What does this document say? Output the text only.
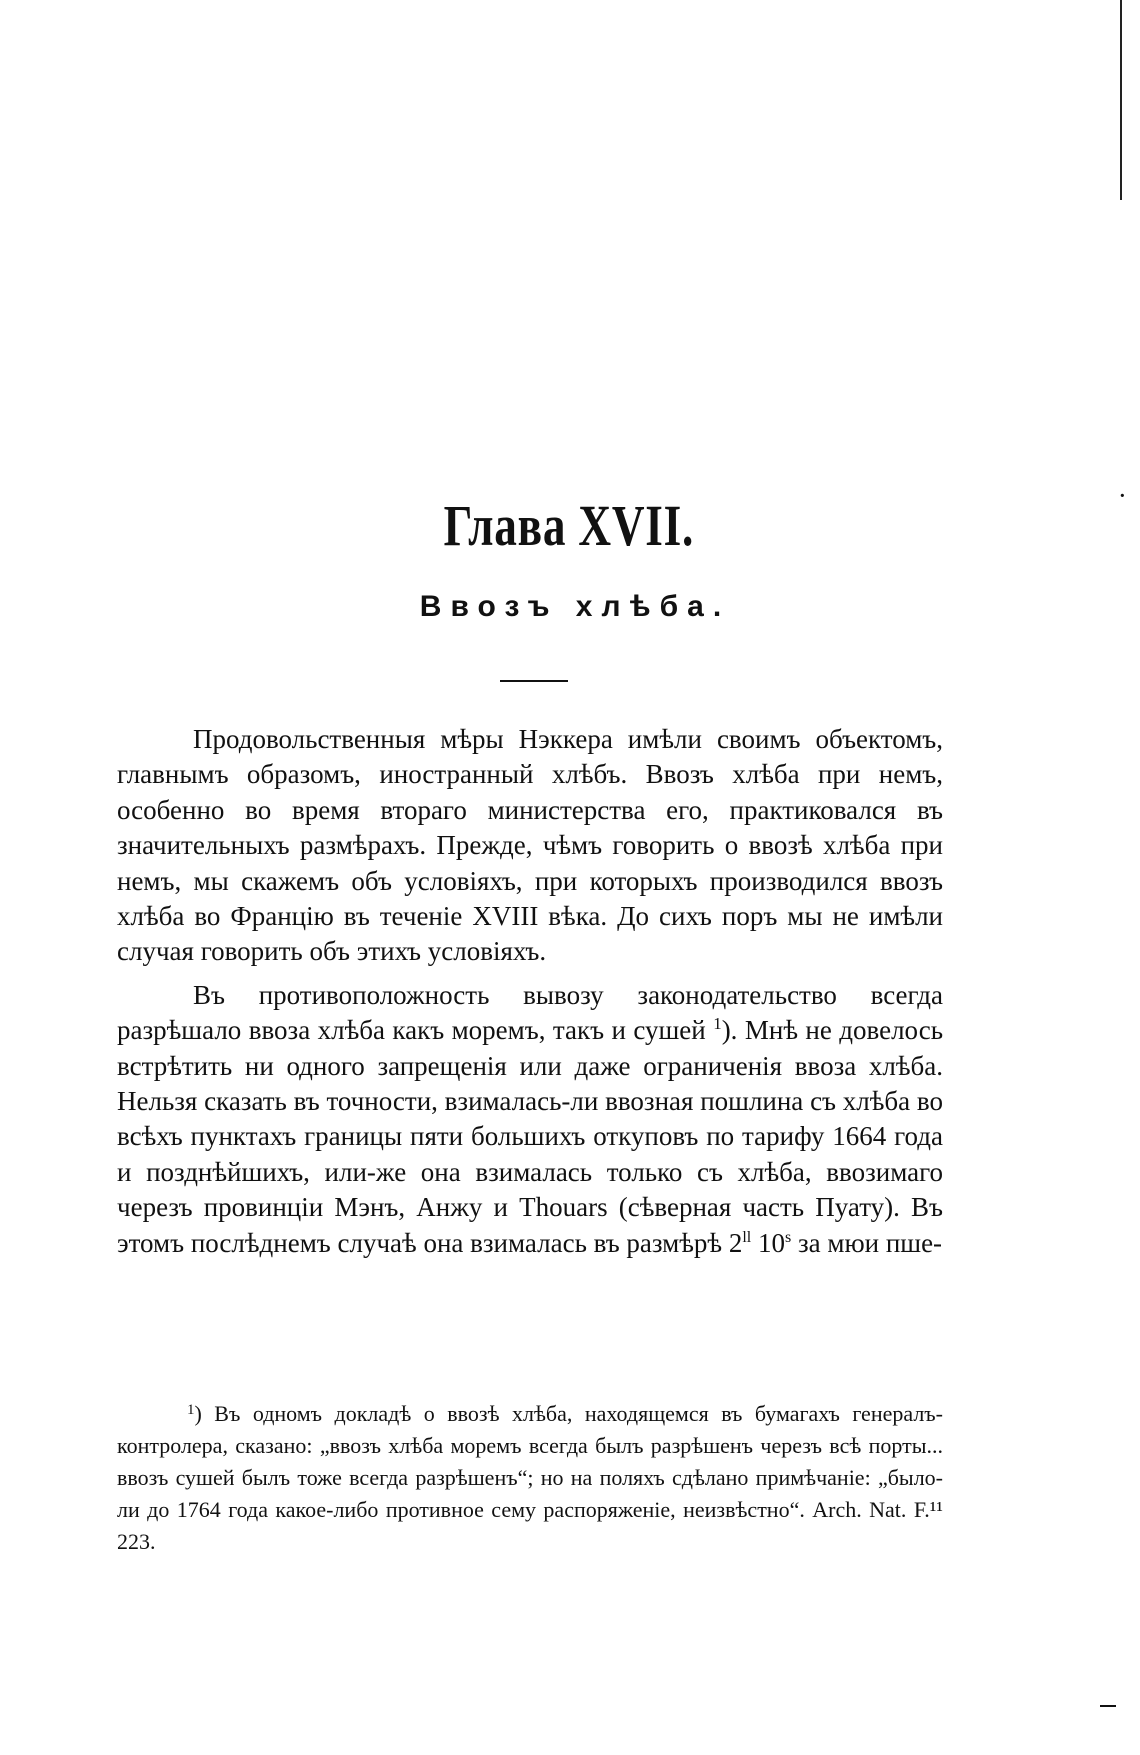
·
Глава XVII.
Ввозъ хлѣба.

Продовольственныя мѣры Нэккера имѣли своимъ объектомъ, главнымъ образомъ, иностранный хлѣбъ. Ввозъ хлѣба при немъ, особенно во время втораго министерства его, практиковался въ значительныхъ размѣрахъ. Прежде, чѣмъ говорить о ввозѣ хлѣба при немъ, мы скажемъ объ условіяхъ, при которыхъ производился ввозъ хлѣба во Францію въ теченіе XVIII вѣка. До сихъ поръ мы не имѣли случая говорить объ этихъ условіяхъ.

Въ противоположность вывозу законодательство всегда разрѣшало ввоза хлѣба какъ моремъ, такъ и сушей $^1$). Мнѣ не довелось встрѣтить ни одного запрещенія или даже ограниченія ввоза хлѣба. Нельзя сказать въ точности, взималась-ли ввозная пошлина съ хлѣба во всѣхъ пунктахъ границы пяти большихъ откуповъ по тарифу 1664 года и позднѣйшихъ, или-же она взималась только съ хлѣба, ввозимаго черезъ провинціи Мэнъ, Анжу и Thouars (сѣверная часть Пуату). Въ этомъ послѣднемъ случаѣ она взималась въ размѣрѣ $2^{ll}$ 10$^s$ за мюи пше-

$^1$) Въ одномъ докладѣ о ввозѣ хлѣба, находящемся въ бумагахъ генералъ-контролера, сказано: „ввозъ хлѣба моремъ всегда былъ разрѣшенъ черезъ всѣ порты... ввозъ сушей былъ тоже всегда разрѣшенъ“; но на поляхъ сдѣлано примѣчаніе: „было-ли до 1764 года какое-либо противное сему распоряженіе, неизвѣстно“. Arch. Nat. F.¹¹ 223.
